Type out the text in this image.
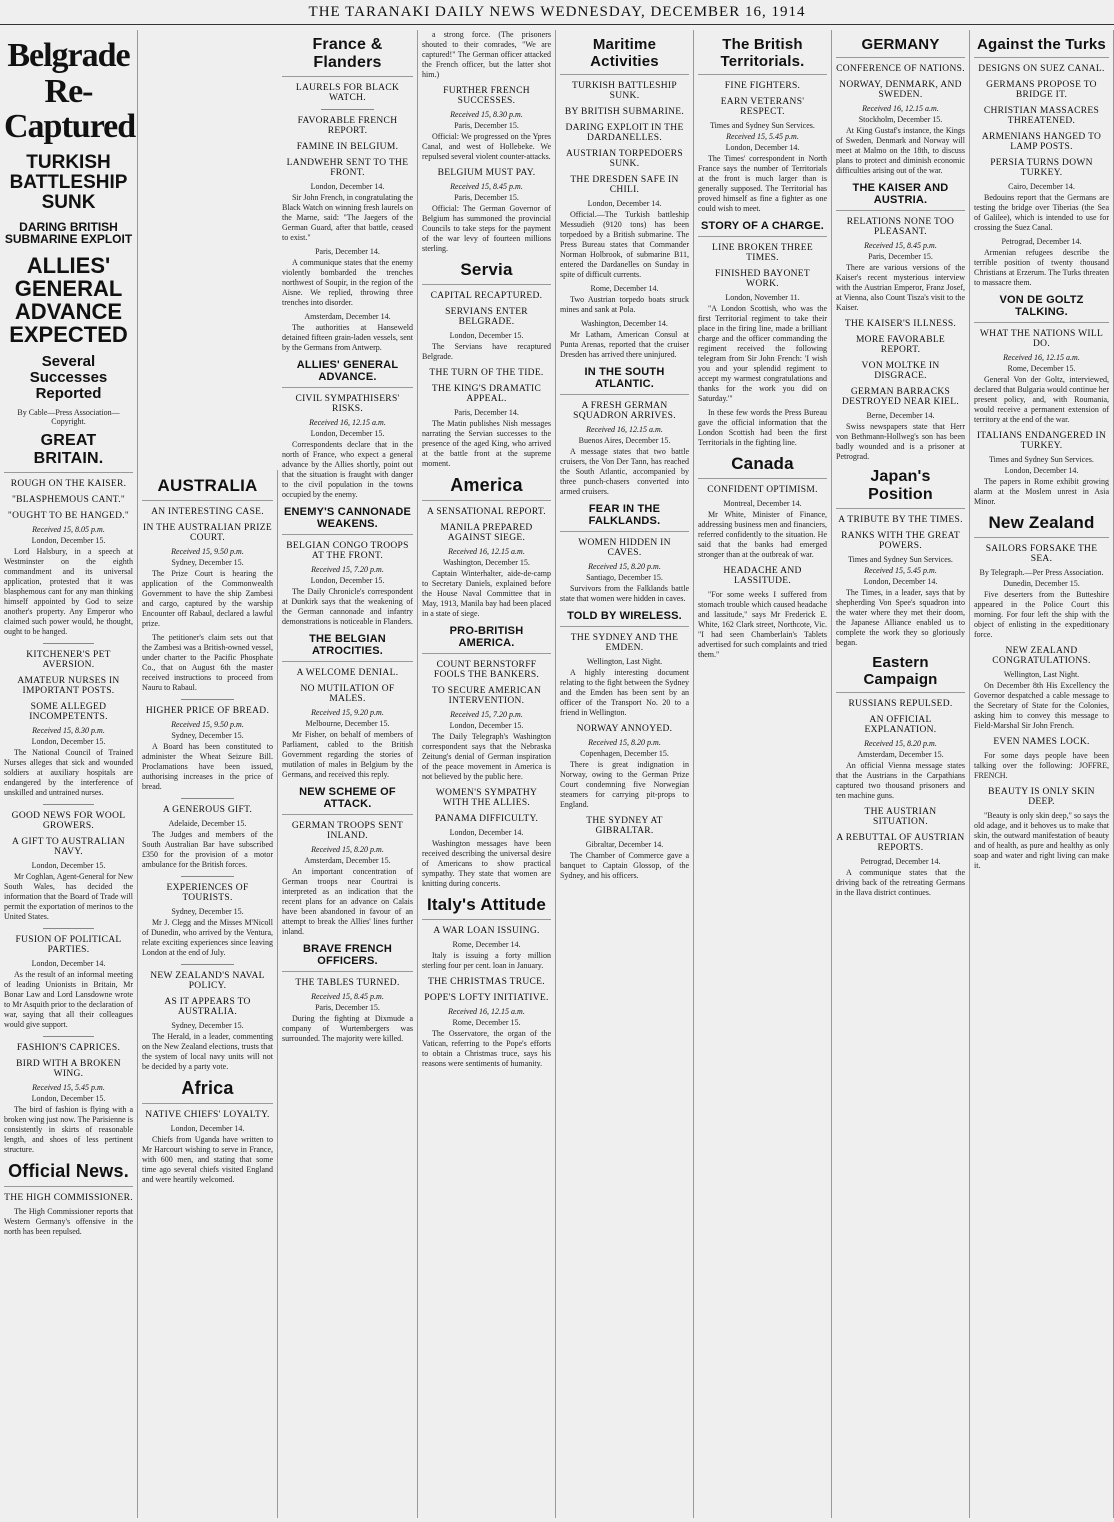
THE TARANAKI DAILY NEWS WEDNESDAY, DECEMBER 16, 1914
Belgrade Re-Captured
TURKISH BATTLESHIP SUNK
DARING BRITISH SUBMARINE EXPLOIT
ALLIES' GENERAL ADVANCE EXPECTED
Several Successes Reported
By Cable—Press Association—Copyright.
GREAT BRITAIN.
ROUGH ON THE KAISER.
"BLASPHEMOUS CANT."
"OUGHT TO BE HANGED."
Received 15, 8.05 p.m.
London, December 15.

Lord Halsbury, in a speech at Westminster on the eighth commandment and its universal application, protested that it was blasphemous cant for any man thinking himself appointed by God to seize another's property. Any Emperor who claimed such power would, he thought, ought to be hanged.

KITCHENER'S PET AVERSION.
AMATEUR NURSES IN IMPORTANT POSTS.
SOME ALLEGED INCOMPETENTS.
Received 15, 8.30 p.m.
London, December 15.

The National Council of Trained Nurses alleges that sick and wounded soldiers at auxiliary hospitals are endangered by the interference of unskilled and untrained nurses.

GOOD NEWS FOR WOOL GROWERS.
A GIFT TO AUSTRALIAN NAVY.
London, December 15.

Mr Coghlan, Agent-General for New South Wales, has decided the information that the Board of Trade will permit the exportation of merinos to the United States.

FUSION OF POLITICAL PARTIES.
London, December 14.

As the result of an informal meeting of leading Unionists in Britain, Mr Bonar Law and Lord Lansdowne wrote to Mr Asquith prior to the declaration of war, saying that all their colleagues would give support.

FASHION'S CAPRICES.
BIRD WITH A BROKEN WING.
Received 15, 5.45 p.m.
London, December 15.

The bird of fashion is flying with a broken wing just now. The Parisienne is consistently in skirts of reasonable length, and shoes of less pertinent structure.

Official News.
THE HIGH COMMISSIONER.

The High Commissioner reports that Western Germany's offensive in the north has been repulsed.

AUSTRALIA
AN INTERESTING CASE.
IN THE AUSTRALIAN PRIZE COURT.
Received 15, 9.50 p.m.
Sydney, December 15.

The Prize Court is hearing the application of the Commonwealth Government to have the ship Zambesi and cargo, captured by the warship Encounter off Rabaul, declared a lawful prize.

The petitioner's claim sets out that the Zambesi was a British-owned vessel, under charter to the Pacific Phosphate Co., that on August 6th the master received instructions to proceed from Nauru to Rabaul.

HIGHER PRICE OF BREAD.
Received 15, 9.50 p.m.
Sydney, December 15.

A Board has been constituted to administer the Wheat Seizure Bill. Proclamations have been issued, authorising increases in the price of bread.

A GENEROUS GIFT.
Adelaide, December 15.

The Judges and members of the South Australian Bar have subscribed £350 for the provision of a motor ambulance for the British forces.

EXPERIENCES OF TOURISTS.
Sydney, December 15.

Mr J. Clegg and the Misses M'Nicoll of Dunedin, who arrived by the Ventura, relate exciting experiences since leaving London at the end of July.

NEW ZEALAND'S NAVAL POLICY.
AS IT APPEARS TO AUSTRALIA.
Sydney, December 15.

The Herald, in a leader, commenting on the New Zealand elections, trusts that the system of local navy units will not be decided by a party vote.

Africa
NATIVE CHIEFS' LOYALTY.
London, December 14.

Chiefs from Uganda have written to Mr Harcourt wishing to serve in France, with 600 men, and stating that some time ago several chiefs visited England and were heartily welcomed.

France & Flanders
LAURELS FOR BLACK WATCH.
FAVORABLE FRENCH REPORT.
FAMINE IN BELGIUM.
LANDWEHR SENT TO THE FRONT.
London, December 14.

Sir John French, in congratulating the Black Watch on winning fresh laurels on the Marne, said: "The Jaegers of the German Guard, after that battle, ceased to exist."

Paris, December 14.

A communique states that the enemy violently bombarded the trenches northwest of Soupir, in the region of the Aisne. We replied, throwing three trenches into disorder.

Amsterdam, December 14.

The authorities at Hanseweld detained fifteen grain-laden vessels, sent by the Germans from Antwerp.

ALLIES' GENERAL ADVANCE.
CIVIL SYMPATHISERS' RISKS.
Received 16, 12.15 a.m.
London, December 15.

Correspondents declare that in the north of France, who expect a general advance by the Allies shortly, point out that the situation is fraught with danger to the civil population in the towns occupied by the enemy.

ENEMY'S CANNONADE WEAKENS.
BELGIAN CONGO TROOPS AT THE FRONT.
Received 15, 7.20 p.m.
London, December 15.

The Daily Chronicle's correspondent at Dunkirk says that the weakening of the German cannonade and infantry demonstrations is noticeable in Flanders.

THE BELGIAN ATROCITIES.
A WELCOME DENIAL.
NO MUTILATION OF MALES.
Received 15, 9.20 p.m.
Melbourne, December 15.

Mr Fisher, on behalf of members of Parliament, cabled to the British Government regarding the stories of mutilation of males in Belgium by the Germans, and received this reply.

NEW SCHEME OF ATTACK.
GERMAN TROOPS SENT INLAND.
Received 15, 8.20 p.m.
Amsterdam, December 15.

An important concentration of German troops near Courtrai is interpreted as an indication that the recent plans for an advance on Calais have been abandoned in favour of an attempt to break the Allies' lines further inland.

BRAVE FRENCH OFFICERS.
THE TABLES TURNED.
Received 15, 8.45 p.m.
Paris, December 15.

During the fighting at Dixmude a company of Wurtembergers was surrounded. The majority were killed.

a strong force. (The prisoners shouted to their comrades, "We are captured!" The German officer attacked the French officer, but the latter shot him.)

FURTHER FRENCH SUCCESSES.
Received 15, 8.30 p.m.
Paris, December 15.

Official: We progressed on the Ypres Canal, and west of Hollebeke. We repulsed several violent counter-attacks.

BELGIUM MUST PAY.
Received 15, 8.45 p.m.
Paris, December 15.

Official: The German Governor of Belgium has summoned the provincial Councils to take steps for the payment of the war levy of fourteen millions sterling.

Servia
CAPITAL RECAPTURED.
SERVIANS ENTER BELGRADE.
London, December 15.

The Servians have recaptured Belgrade.

THE TURN OF THE TIDE.
THE KING'S DRAMATIC APPEAL.
Paris, December 14.

The Matin publishes Nish messages narrating the Servian successes to the presence of the aged King, who arrived at the battle front at the supreme moment.

America
A SENSATIONAL REPORT.
MANILA PREPARED AGAINST SIEGE.
Received 16, 12.15 a.m.
Washington, December 15.

Captain Winterhalter, aide-de-camp to Secretary Daniels, explained before the House Naval Committee that in May, 1913, Manila bay had been placed in a state of siege.

PRO-BRITISH AMERICA.
COUNT BERNSTORFF FOOLS THE BANKERS.
TO SECURE AMERICAN INTERVENTION.
Received 15, 7.20 p.m.
London, December 15.

The Daily Telegraph's Washington correspondent says that the Nebraska Zeitung's denial of German inspiration of the peace movement in America is not believed by the public here.

WOMEN'S SYMPATHY WITH THE ALLIES.
PANAMA DIFFICULTY.
London, December 14.

Washington messages have been received describing the universal desire of Americans to show practical sympathy. They state that women are knitting during concerts.

Italy's Attitude
A WAR LOAN ISSUING.
Rome, December 14.

Italy is issuing a forty million sterling four per cent. loan in January.

THE CHRISTMAS TRUCE.
POPE'S LOFTY INITIATIVE.
Received 16, 12.15 a.m.
Rome, December 15.

The Osservatore, the organ of the Vatican, referring to the Pope's efforts to obtain a Christmas truce, says his reasons were sentiments of humanity.

Maritime Activities
TURKISH BATTLESHIP SUNK.
BY BRITISH SUBMARINE.
DARING EXPLOIT IN THE DARDANELLES.
AUSTRIAN TORPEDOERS SUNK.
THE DRESDEN SAFE IN CHILI.
London, December 14.

Official.—The Turkish battleship Messudieh (9120 tons) has been torpedoed by a British submarine. The Press Bureau states that Commander Norman Holbrook, of submarine B11, entered the Dardanelles on Sunday in spite of difficult currents.

Rome, December 14.

Two Austrian torpedo boats struck mines and sank at Pola.

Washington, December 14.

Mr Latham, American Consul at Punta Arenas, reported that the cruiser Dresden has arrived there uninjured.

IN THE SOUTH ATLANTIC.
A FRESH GERMAN SQUADRON ARRIVES.
Received 16, 12.15 a.m.
Buenos Aires, December 15.

A message states that two battle cruisers, the Von Der Tann, has reached the South Atlantic, accompanied by three punch-chasers converted into armed cruisers.

FEAR IN THE FALKLANDS.
WOMEN HIDDEN IN CAVES.
Received 15, 8.20 p.m.
Santiago, December 15.

Survivors from the Falklands battle state that women were hidden in caves.

TOLD BY WIRELESS.
THE SYDNEY AND THE EMDEN.
Wellington, Last Night.

A highly interesting document relating to the fight between the Sydney and the Emden has been sent by an officer of the Transport No. 20 to a friend in Wellington.

NORWAY ANNOYED.
Received 15, 8.20 p.m.
Copenhagen, December 15.

There is great indignation in Norway, owing to the German Prize Court condemning five Norwegian steamers for carrying pit-props to England.

THE SYDNEY AT GIBRALTAR.
Gibraltar, December 14.

The Chamber of Commerce gave a banquet to Captain Glossop, of the Sydney, and his officers.

The British Territorials.
FINE FIGHTERS.
EARN VETERANS' RESPECT.
Times and Sydney Sun Services.
Received 15, 5.45 p.m.
London, December 14.

The Times' correspondent in North France says the number of Territorials at the front is much larger than is generally supposed. The Territorial has proved himself as fine a fighter as one could wish to meet.

STORY OF A CHARGE.
LINE BROKEN THREE TIMES.
FINISHED BAYONET WORK.
London, November 11.

"A London Scottish, who was the first Territorial regiment to take their place in the firing line, made a brilliant charge and the officer commanding the regiment received the following telegram from Sir John French: 'I wish you and your splendid regiment to accept my warmest congratulations and thanks for the work you did on Saturday.'"

In these few words the Press Bureau gave the official information that the London Scottish had been the first Territorials in the fighting line.

Canada
CONFIDENT OPTIMISM.
Montreal, December 14.

Mr White, Minister of Finance, addressing business men and financiers, referred confidently to the situation. He said that the banks had emerged stronger than at the outbreak of war.

HEADACHE AND LASSITUDE.

"For some weeks I suffered from stomach trouble which caused headache and lassitude," says Mr Frederick E. White, 162 Clark street, Northcote, Vic. "I had seen Chamberlain's Tablets advertised for such complaints and tried them."

GERMANY
CONFERENCE OF NATIONS.
NORWAY, DENMARK, AND SWEDEN.
Received 16, 12.15 a.m.
Stockholm, December 15.

At King Gustaf's instance, the Kings of Sweden, Denmark and Norway will meet at Malmo on the 18th, to discuss plans to protect and diminish economic difficulties arising out of the war.

THE KAISER AND AUSTRIA.
RELATIONS NONE TOO PLEASANT.
Received 15, 8.45 p.m.
Paris, December 15.

There are various versions of the Kaiser's recent mysterious interview with the Austrian Emperor, Franz Josef, at Vienna, also Count Tisza's visit to the Kaiser.

THE KAISER'S ILLNESS.
MORE FAVORABLE REPORT.
VON MOLTKE IN DISGRACE.
GERMAN BARRACKS DESTROYED NEAR KIEL.
Berne, December 14.

Swiss newspapers state that Herr von Bethmann-Hollweg's son has been badly wounded and is a prisoner at Petrograd.

Japan's Position
A TRIBUTE BY THE TIMES.
RANKS WITH THE GREAT POWERS.
Times and Sydney Sun Services.
Received 15, 5.45 p.m.
London, December 14.

The Times, in a leader, says that by shepherding Von Spee's squadron into the water where they met their doom, the Japanese Alliance enabled us to complete the work they so gloriously began.

Eastern Campaign
RUSSIANS REPULSED.
AN OFFICIAL EXPLANATION.
Received 15, 8.20 p.m.
Amsterdam, December 15.

An official Vienna message states that the Austrians in the Carpathians captured two thousand prisoners and ten machine guns.

THE AUSTRIAN SITUATION.
A REBUTTAL OF AUSTRIAN REPORTS.
Petrograd, December 14.

A communique states that the driving back of the retreating Germans in the Ilava district continues.

Against the Turks
DESIGNS ON SUEZ CANAL.
GERMANS PROPOSE TO BRIDGE IT.
CHRISTIAN MASSACRES THREATENED.
ARMENIANS HANGED TO LAMP POSTS.
PERSIA TURNS DOWN TURKEY.
Cairo, December 14.

Bedouins report that the Germans are testing the bridge over Tiberias (the Sea of Galilee), which is intended to use for crossing the Suez Canal.

Petrograd, December 14.

Armenian refugees describe the terrible position of twenty thousand Christians at Erzerum. The Turks threaten to massacre them.

VON DE GOLTZ TALKING.
WHAT THE NATIONS WILL DO.
Received 16, 12.15 a.m.
Rome, December 15.

General Von der Goltz, interviewed, declared that Bulgaria would continue her present policy, and, with Roumania, would receive a permanent extension of territory at the end of the war.

ITALIANS ENDANGERED IN TURKEY.
Times and Sydney Sun Services.
London, December 14.

The papers in Rome exhibit growing alarm at the Moslem unrest in Asia Minor.

New Zealand
SAILORS FORSAKE THE SEA.
By Telegraph.—Per Press Association.
Dunedin, December 15.

Five deserters from the Butteshire appeared in the Police Court this morning. For four left the ship with the object of enlisting in the expeditionary force.

NEW ZEALAND CONGRATULATIONS.
Wellington, Last Night.

On December 8th His Excellency the Governor despatched a cable message to the Secretary of State for the Colonies, asking him to convey this message to Field-Marshal Sir John French.

EVEN NAMES LOCK.

For some days people have been talking over the following: JOFFRE, FRENCH.

BEAUTY IS ONLY SKIN DEEP.

"Beauty is only skin deep," so says the old adage, and it behoves us to make that skin, the outward manifestation of beauty and of health, as pure and healthy as only soap and water and right living can make it.
